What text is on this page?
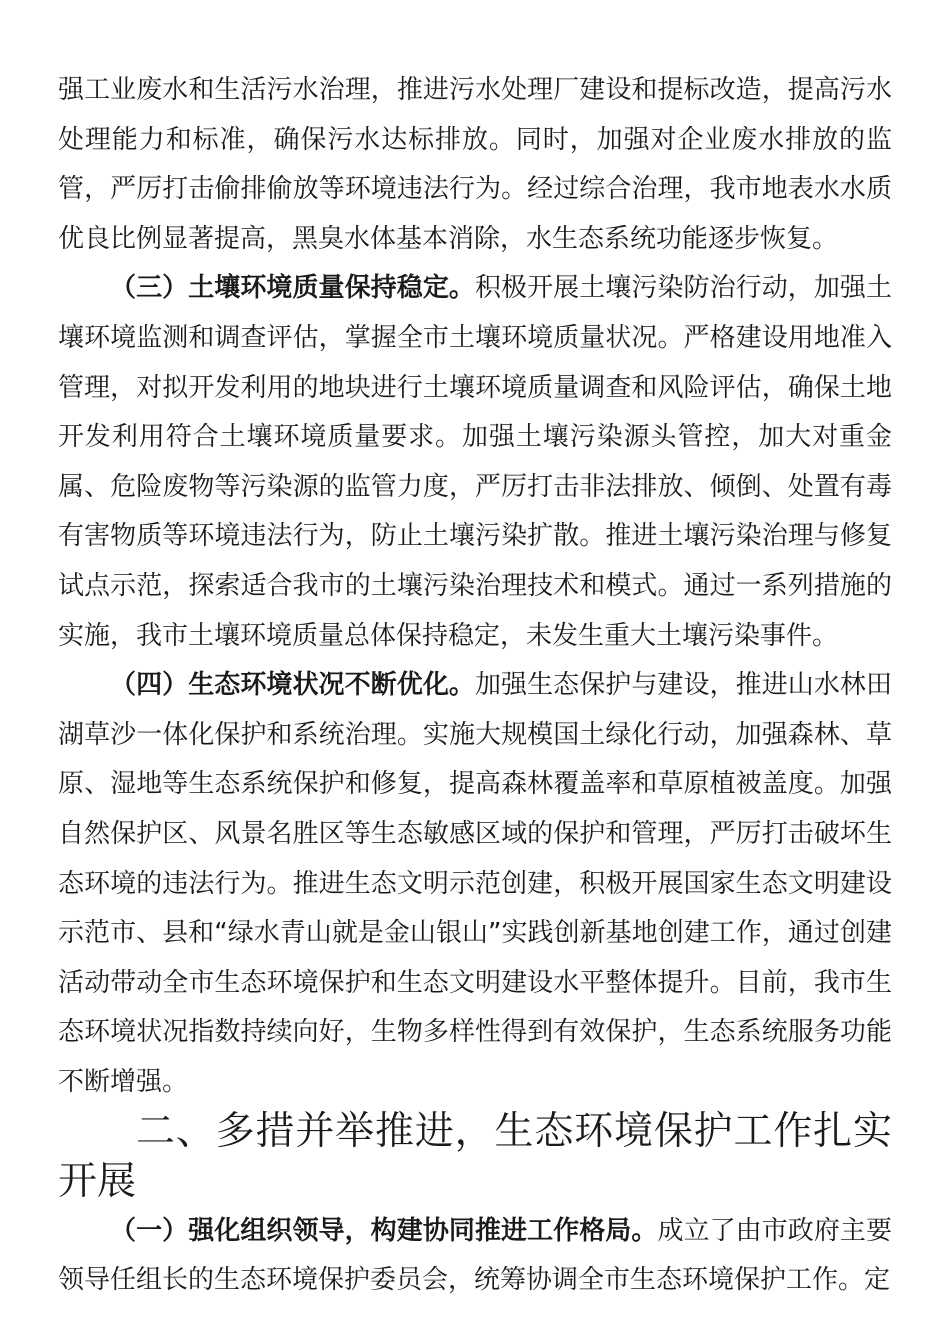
强工业废水和生活污水治理，推进污水处理厂建设和提标改造，提高污水处理能力和标准，确保污水达标排放。同时，加强对企业废水排放的监管，严厉打击偷排偷放等环境违法行为。经过综合治理，我市地表水水质优良比例显著提高，黑臭水体基本消除，水生态系统功能逐步恢复。

（三）土壤环境质量保持稳定。积极开展土壤污染防治行动，加强土壤环境监测和调查评估，掌握全市土壤环境质量状况。严格建设用地准入管理，对拟开发利用的地块进行土壤环境质量调查和风险评估，确保土地开发利用符合土壤环境质量要求。加强土壤污染源头管控，加大对重金属、危险废物等污染源的监管力度，严厉打击非法排放、倾倒、处置有毒有害物质等环境违法行为，防止土壤污染扩散。推进土壤污染治理与修复试点示范，探索适合我市的土壤污染治理技术和模式。通过一系列措施的实施，我市土壤环境质量总体保持稳定，未发生重大土壤污染事件。

（四）生态环境状况不断优化。加强生态保护与建设，推进山水林田湖草沙一体化保护和系统治理。实施大规模国土绿化行动，加强森林、草原、湿地等生态系统保护和修复，提高森林覆盖率和草原植被盖度。加强自然保护区、风景名胜区等生态敏感区域的保护和管理，严厉打击破坏生态环境的违法行为。推进生态文明示范创建，积极开展国家生态文明建设示范市、县和“绿水青山就是金山银山”实践创新基地创建工作，通过创建活动带动全市生态环境保护和生态文明建设水平整体提升。目前，我市生态环境状况指数持续向好，生物多样性得到有效保护，生态系统服务功能不断增强。

二、多措并举推进，生态环境保护工作扎实开展

（一）强化组织领导，构建协同推进工作格局。成立了由市政府主要领导任组长的生态环境保护委员会，统筹协调全市生态环境保护工作。定
